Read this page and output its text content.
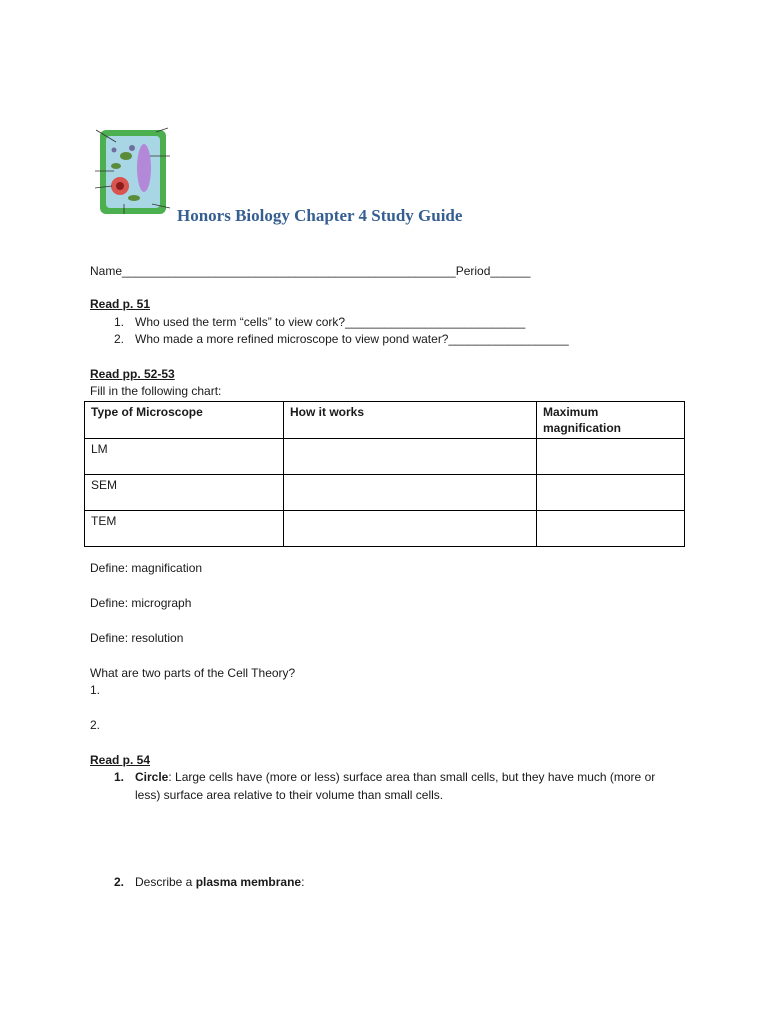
Honors Biology Chapter 4 Study Guide
Name__________________________________________________Period______
Read p. 51
1. Who used the term “cells” to view cork?___________________________
2. Who made a more refined microscope to view pond water?__________________
Read pp. 52-53
Fill in the following chart:
Type of Microscope	How it works	Maximum magnification
LM		
SEM		
TEM		
Define: magnification
Define: micrograph
Define: resolution
What are two parts of the Cell Theory?
1.
2.
Read p. 54
1. Circle: Large cells have (more or less) surface area than small cells, but they have much (more or
less) surface area relative to their volume than small cells.
2. Describe a plasma membrane:
